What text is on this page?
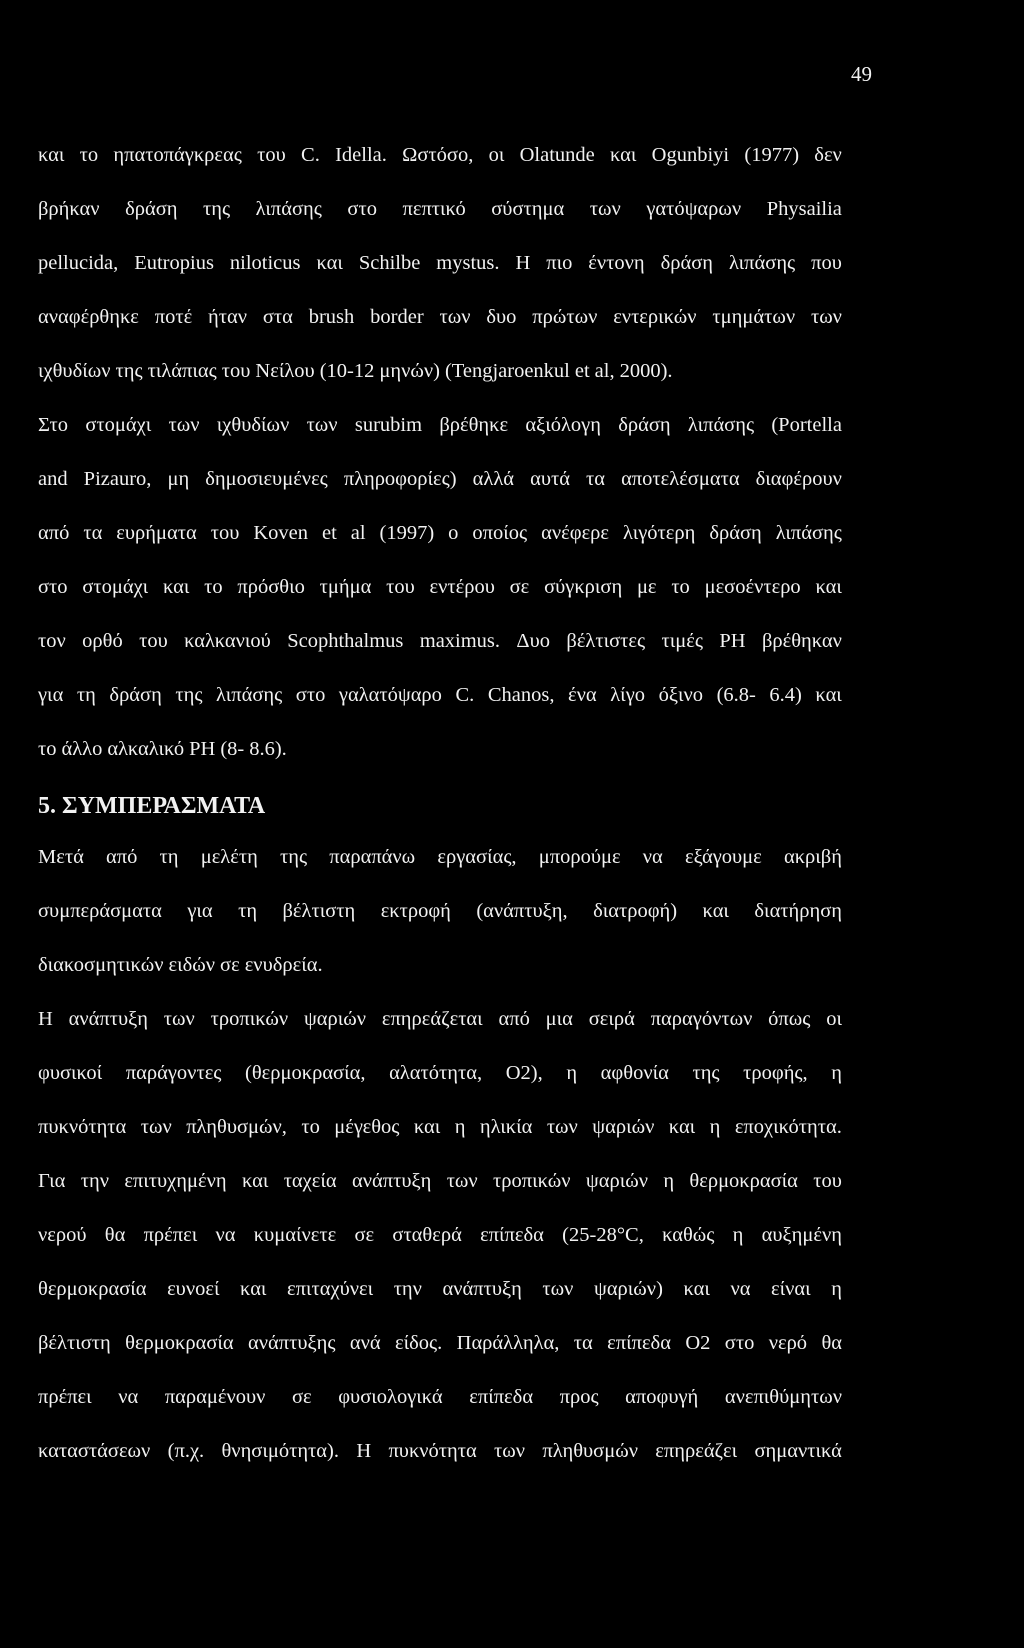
49
και το ηπατοπάγκρεας του C. Idella. Ωστόσο, οι Olatunde και Ogunbiyi (1977) δεν
βρήκαν δράση της λιπάσης στο πεπτικό σύστημα των γατόψαρων Physailia
pellucida, Eutropius niloticus και Schilbe mystus. Η πιο έντονη δράση λιπάσης που
αναφέρθηκε ποτέ ήταν στα brush border των δυο πρώτων εντερικών τμημάτων των
ιχθυδίων της τιλάπιας του Νείλου (10-12 μηνών) (Tengjaroenkul et al, 2000).
Στο στομάχι των ιχθυδίων των surubim βρέθηκε αξιόλογη δράση λιπάσης (Portella
and Pizauro, μη δημοσιευμένες πληροφορίες) αλλά αυτά τα αποτελέσματα διαφέρουν
από τα ευρήματα του Koven et al (1997) ο οποίος ανέφερε λιγότερη δράση λιπάσης
στο στομάχι και το πρόσθιο τμήμα του εντέρου σε σύγκριση με το μεσοέντερο και
τον ορθό του καλκανιού Scophthalmus maximus. Δυο βέλτιστες τιμές PH βρέθηκαν
για τη δράση της λιπάσης στο γαλατόψαρο C. Chanos, ένα λίγο όξινο (6.8- 6.4) και
το άλλο αλκαλικό PH (8- 8.6).
5. ΣΥΜΠΕΡΑΣΜΑΤΑ
Μετά από τη μελέτη της παραπάνω εργασίας, μπορούμε να εξάγουμε ακριβή
συμπεράσματα για τη βέλτιστη εκτροφή (ανάπτυξη, διατροφή) και διατήρηση
διακοσμητικών ειδών σε ενυδρεία.
Η ανάπτυξη των τροπικών ψαριών επηρεάζεται από μια σειρά παραγόντων όπως οι
φυσικοί παράγοντες (θερμοκρασία, αλατότητα, O2), η αφθονία της τροφής, η
πυκνότητα των πληθυσμών, το μέγεθος και η ηλικία των ψαριών και η εποχικότητα.
Για την επιτυχημένη και ταχεία ανάπτυξη των τροπικών ψαριών η θερμοκρασία του
νερού θα πρέπει να κυμαίνετε σε σταθερά επίπεδα (25-28°C, καθώς η αυξημένη
θερμοκρασία ευνοεί και επιταχύνει την ανάπτυξη των ψαριών) και να είναι η
βέλτιστη θερμοκρασία ανάπτυξης ανά είδος. Παράλληλα, τα επίπεδα O2 στο νερό θα
πρέπει να παραμένουν σε φυσιολογικά επίπεδα προς αποφυγή ανεπιθύμητων
καταστάσεων (π.χ. θνησιμότητα). Η πυκνότητα των πληθυσμών επηρεάζει σημαντικά
